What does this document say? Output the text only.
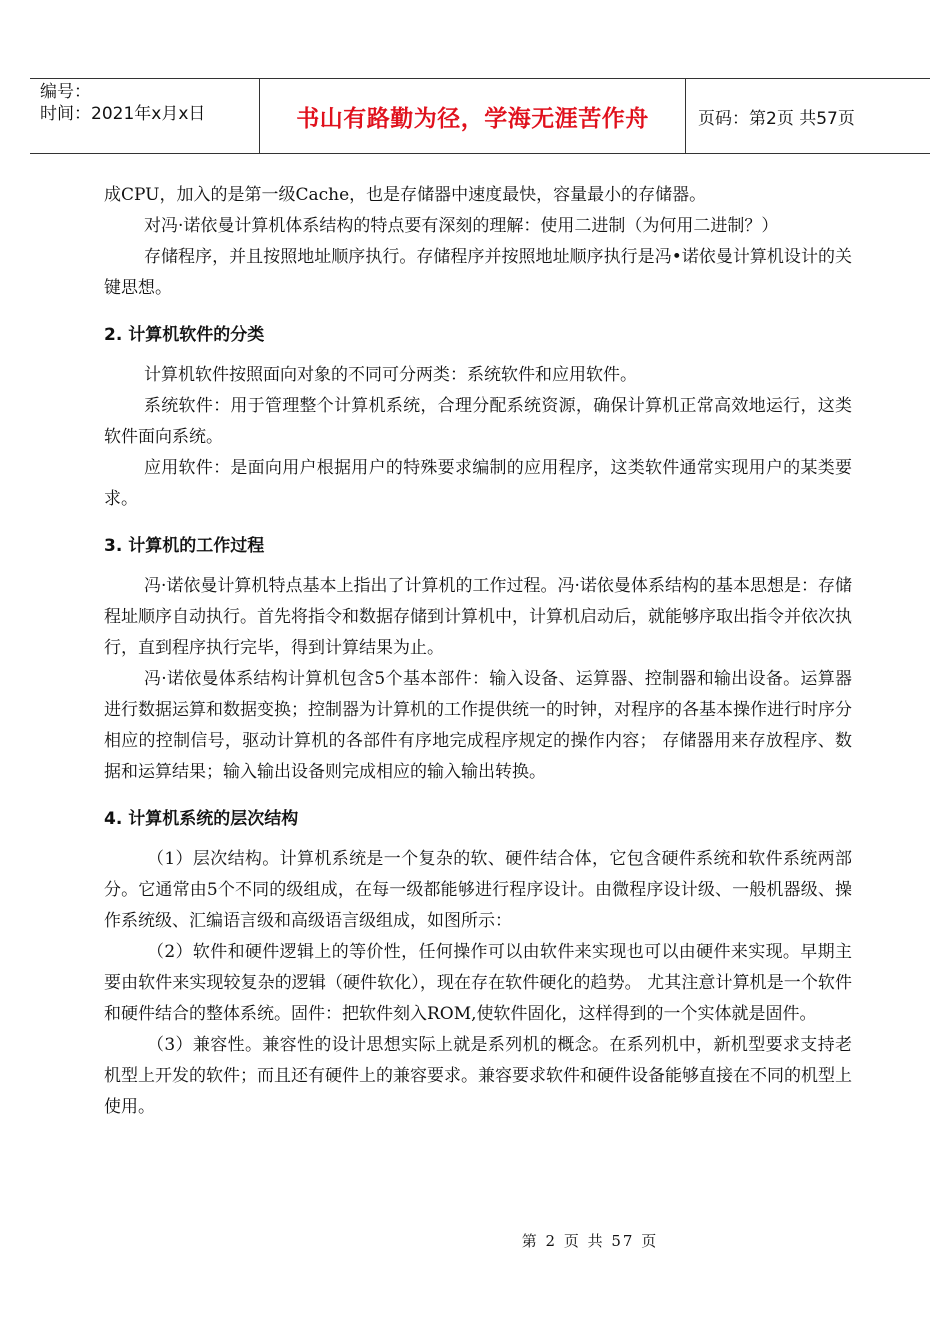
编号：
时间：2021年x月x日	书山有路勤为径，学海无涯苦作舟	页码：第2页 共57页

成CPU，加入的是第一级Cache，也是存储器中速度最快，容量最小的存储器。

对冯·诺依曼计算机体系结构的特点要有深刻的理解：使用二进制（为何用二进制？）

存储程序，并且按照地址顺序执行。存储程序并按照地址顺序执行是冯•诺依曼计算机设计的关键思想。

2. 计算机软件的分类

计算机软件按照面向对象的不同可分两类：系统软件和应用软件。

系统软件：用于管理整个计算机系统，合理分配系统资源，确保计算机正常高效地运行，这类软件面向系统。

应用软件：是面向用户根据用户的特殊要求编制的应用程序，这类软件通常实现用户的某类要求。

3. 计算机的工作过程

冯·诺依曼计算机特点基本上指出了计算机的工作过程。冯·诺依曼体系结构的基本思想是：存储程址顺序自动执行。首先将指令和数据存储到计算机中，计算机启动后，就能够序取出指令并依次执行，直到程序执行完毕，得到计算结果为止。

冯·诺依曼体系结构计算机包含5个基本部件：输入设备、运算器、控制器和输出设备。运算器进行数据运算和数据变换；控制器为计算机的工作提供统一的时钟，对程序的各基本操作进行时序分相应的控制信号，驱动计算机的各部件有序地完成程序规定的操作内容； 存储器用来存放程序、数据和运算结果；输入输出设备则完成相应的输入输出转换。

4. 计算机系统的层次结构

（1）层次结构。计算机系统是一个复杂的软、硬件结合体，它包含硬件系统和软件系统两部分。它通常由5个不同的级组成，在每一级都能够进行程序设计。由微程序设计级、一般机器级、操作系统级、汇编语言级和高级语言级组成，如图所示：

（2）软件和硬件逻辑上的等价性，任何操作可以由软件来实现也可以由硬件来实现。早期主要由软件来实现较复杂的逻辑（硬件软化），现在存在软件硬化的趋势。 尤其注意计算机是一个软件和硬件结合的整体系统。固件：把软件刻入ROM,使软件固化，这样得到的一个实体就是固件。

（3）兼容性。兼容性的设计思想实际上就是系列机的概念。在系列机中，新机型要求支持老机型上开发的软件；而且还有硬件上的兼容要求。兼容要求软件和硬件设备能够直接在不同的机型上使用。

第 2 页 共 57 页
